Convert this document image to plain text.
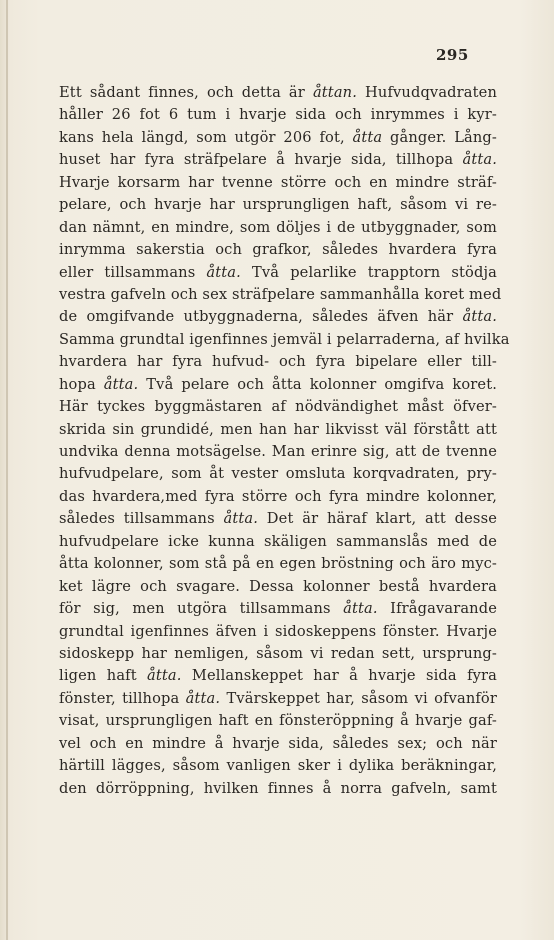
295
Ett sådant finnes, och detta är åttan. Hufvudqvadraten
håller 26 fot 6 tum i hvarje sida och inrymmes i kyr-
kans hela längd, som utgör 206 fot, åtta gånger. Lång-
huset har fyra sträfpelare å hvarje sida, tillhopa åtta.
Hvarje korsarm har tvenne större och en mindre sträf-
pelare, och hvarje har ursprungligen haft, såsom vi re-
dan nämnt, en mindre, som döljes i de utbyggnader, som
inrymma sakerstia och grafkor, således hvardera fyra
eller tillsammans åtta. Två pelarlike trapptorn stödja
vestra gafveln och sex sträfpelare sammanhålla koret med
de omgifvande utbyggnaderna, således äfven här åtta.
Samma grundtal igenfinnes jemväl i pelarraderna, af hvilka
hvardera har fyra hufvud- och fyra bipelare eller till-
hopa åtta. Två pelare och åtta kolonner omgifva koret.
Här tyckes byggmästaren af nödvändighet måst öfver-
skrida sin grundidé, men han har likvisst väl förstått att
undvika denna motsägelse. Man erinre sig, att de tvenne
hufvudpelare, som åt vester omsluta korqvadraten, pry-
das hvardera,med fyra större och fyra mindre kolonner,
således tillsammans åtta. Det är häraf klart, att desse
hufvudpelare icke kunna skäligen sammanslås med de
åtta kolonner, som stå på en egen bröstning och äro myc-
ket lägre och svagare. Dessa kolonner bestå hvardera
för sig, men utgöra tillsammans åtta. Ifrågavarande
grundtal igenfinnes äfven i sidoskeppens fönster. Hvarje
sidoskepp har nemligen, såsom vi redan sett, ursprung-
ligen haft åtta. Mellanskeppet har å hvarje sida fyra
fönster, tillhopa åtta. Tvärskeppet har, såsom vi ofvanför
visat, ursprungligen haft en fönsteröppning å hvarje gaf-
vel och en mindre å hvarje sida, således sex; och när
härtill lägges, såsom vanligen sker i dylika beräkningar,
den dörröppning, hvilken finnes å norra gafveln, samt
